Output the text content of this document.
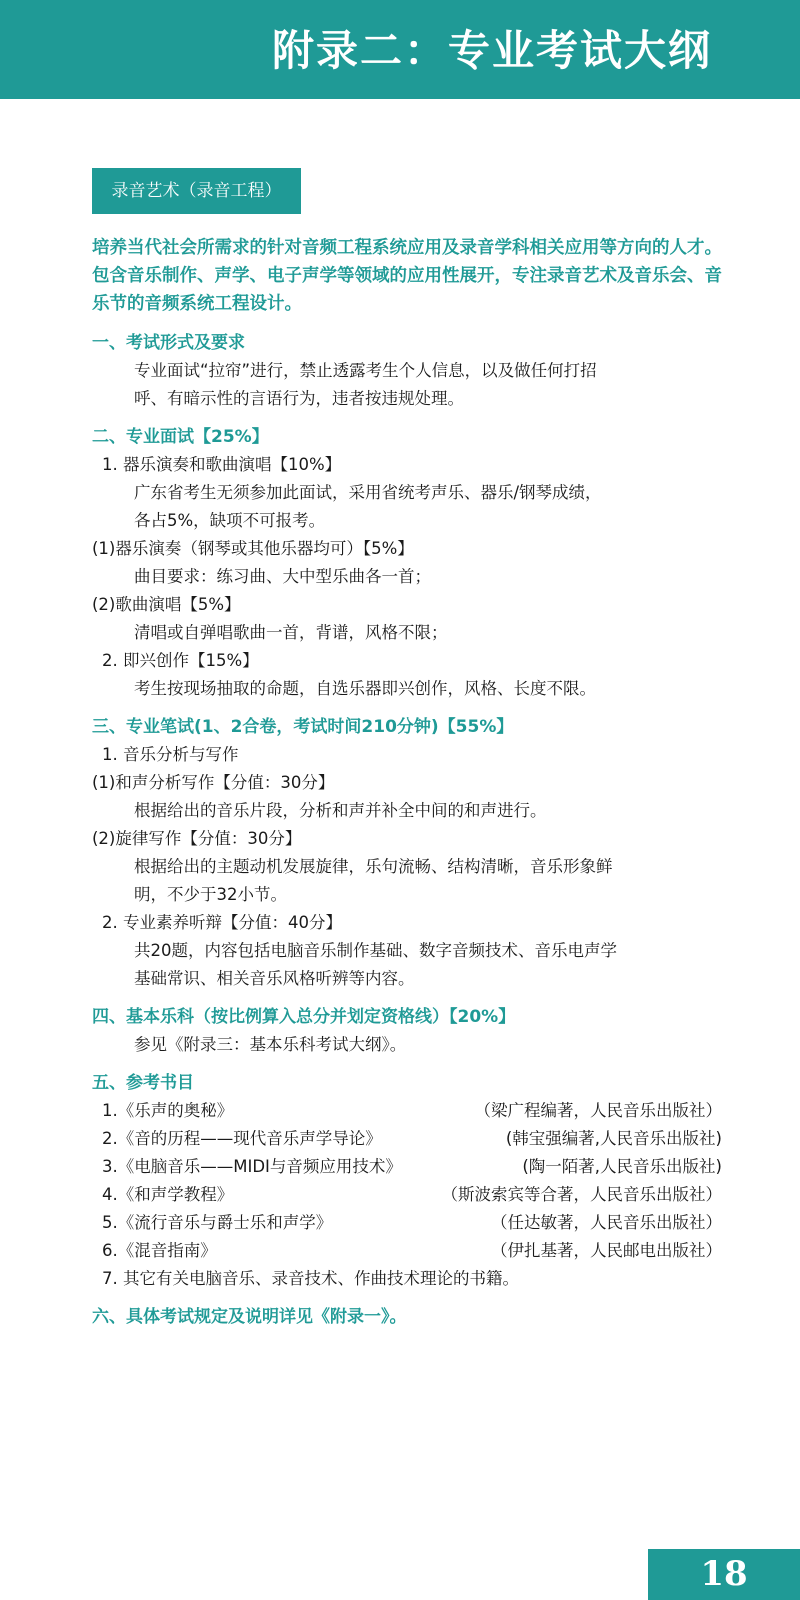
附录二：专业考试大纲
录音艺术（录音工程）
培养当代社会所需求的针对音频工程系统应用及录音学科相关应用等方向的人才。包含音乐制作、声学、电子声学等领域的应用性展开，专注录音艺术及音乐会、音乐节的音频系统工程设计。
一、考试形式及要求
专业面试“拉帘”进行，禁止透露考生个人信息，以及做任何打招
呼、有暗示性的言语行为，违者按违规处理。
二、专业面试【25%】
1. 器乐演奏和歌曲演唱【10%】
广东省考生无须参加此面试，采用省统考声乐、器乐/钢琴成绩，
各占5%，缺项不可报考。
(1)器乐演奏（钢琴或其他乐器均可）【5%】
曲目要求：练习曲、大中型乐曲各一首；
(2)歌曲演唱【5%】
清唱或自弹唱歌曲一首，背谱，风格不限；
2. 即兴创作【15%】
考生按现场抽取的命题，自选乐器即兴创作，风格、长度不限。
三、专业笔试(1、2合卷，考试时间210分钟)【55%】
1. 音乐分析与写作
(1)和声分析写作【分值：30分】
根据给出的音乐片段，分析和声并补全中间的和声进行。
(2)旋律写作【分值：30分】
根据给出的主题动机发展旋律，乐句流畅、结构清晰，音乐形象鲜
明，不少于32小节。
2. 专业素养听辩【分值：40分】
共20题，内容包括电脑音乐制作基础、数字音频技术、音乐电声学
基础常识、相关音乐风格听辨等内容。
四、基本乐科（按比例算入总分并划定资格线）【20%】
参见《附录三：基本乐科考试大纲》。
五、参考书目
1.《乐声的奥秘》	（梁广程编著，人民音乐出版社）
2.《音的历程——现代音乐声学导论》	(韩宝强编著,人民音乐出版社)
3.《电脑音乐——MIDI与音频应用技术》	(陶一陌著,人民音乐出版社)
4.《和声学教程》	（斯波索宾等合著，人民音乐出版社）
5.《流行音乐与爵士乐和声学》	（任达敏著，人民音乐出版社）
6.《混音指南》	（伊扎基著，人民邮电出版社）
7. 其它有关电脑音乐、录音技术、作曲技术理论的书籍。
六、具体考试规定及说明详见《附录一》。
18
